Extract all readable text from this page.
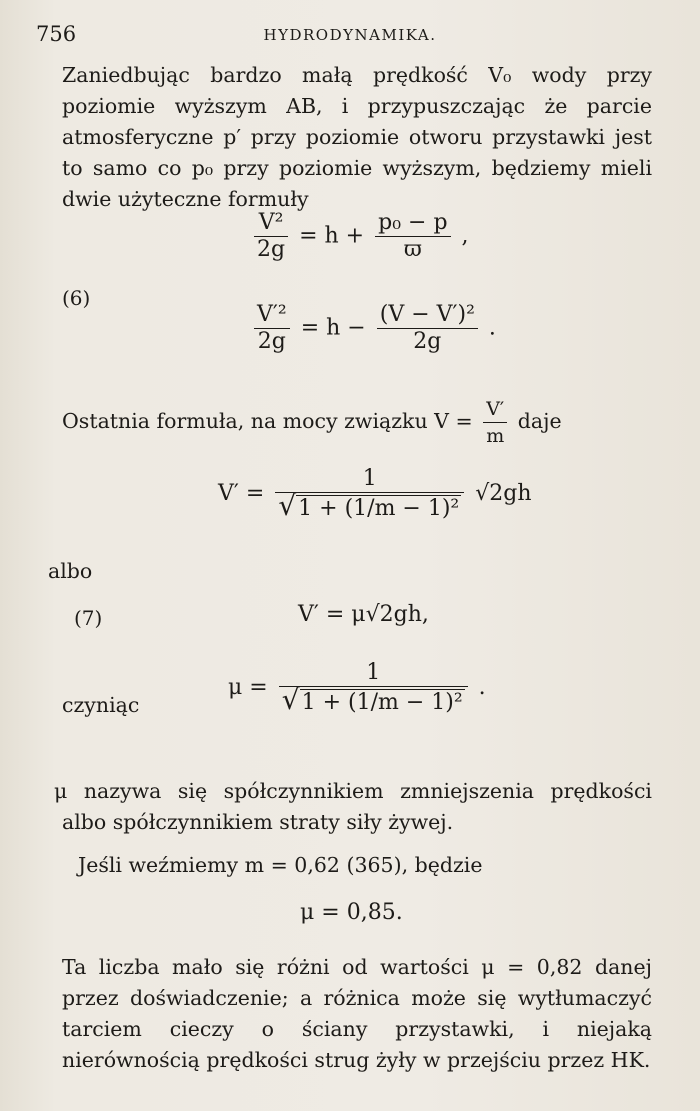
756	HYDRODYNAMIKA.

Zaniedbując bardzo małą prędkość V₀ wody przy poziomie wyższym AB, i przypuszczając że parcie atmosferyczne p′ przy poziomie otworu przystawki jest to samo co p₀ przy poziomie wyższym, będziemy mieli dwie użyteczne formuły

$\frac{\text{V²}}{2g} = h + \frac{\text{p₀ − p}}{ϖ}$ ,
(6)
$\frac{\text{V′²}}{2g} = h - \frac{\text{(V − V′)²}}{2g}$ .
Ostatnia formuła, na mocy związku $V = \frac{V'}{m}$ daje
$V' = \frac{1}{\text{√1 + (1/m − 1)²}} √2gh$
albo
(7)	V′ = μ√2gh,
czyniąc
$\mu = \frac{1}{\text{√1 + (1/m − 1)²}}$ .

μ nazywa się spółczynnikiem zmniejszenia prędkości albo spółczynnikiem straty siły żywej.

Jeśli weźmiemy m = 0,62 (365), będzie

μ = 0,85.

Ta liczba mało się różni od wartości μ = 0,82 danej przez doświadczenie; a różnica może się wytłumaczyć tarciem cieczy o ściany przystawki, i niejaką nierównością prędkości strug żyły w przejściu przez HK.
